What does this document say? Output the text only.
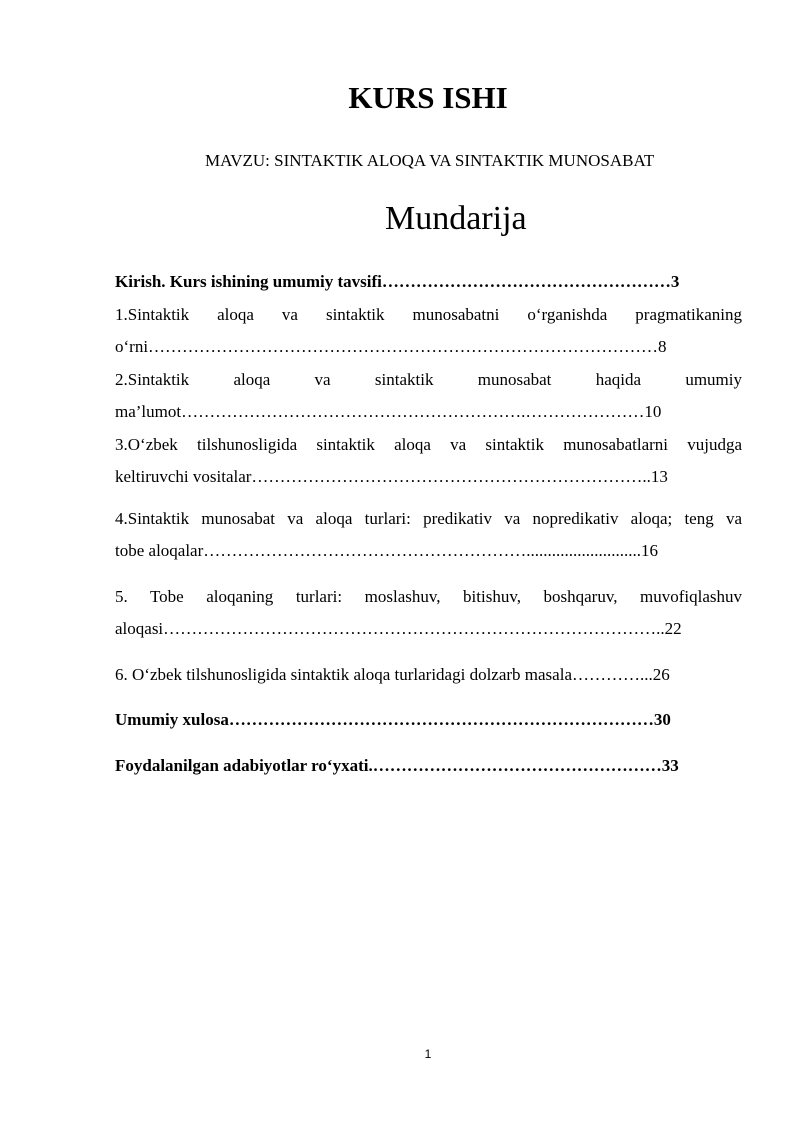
KURS ISHI
MAVZU: SINTAKTIK ALOQA VA SINTAKTIK MUNOSABAT
Mundarija
Kirish. Kurs ishining umumiy tavsifi……………………………………………3
1.Sintaktik aloqa va sintaktik munosabatni o‘rganishda pragmatikaning
o‘rni………………………………………………………………………………8
2.Sintaktik aloqa va sintaktik munosabat haqida umumiy
ma’lumot…………………………………………………….…………………10
3.O‘zbek tilshunosligida sintaktik aloqa va sintaktik munosabatlarni vujudga
keltiruvchi vositalar……………………………………………………………..13
4.Sintaktik munosabat va aloqa turlari: predikativ va nopredikativ aloqa; teng va
tobe aloqalar…………………………………………………...........................16
5. Tobe aloqaning turlari: moslashuv, bitishuv, boshqaruv, muvofiqlashuv
aloqasi……………………………………………………………………………..22
6. O‘zbek tilshunosligida sintaktik aloqa turlaridagi dolzarb masala…………...26
Umumiy xulosa…………………………………………………………………30
Foydalanilgan adabiyotlar ro‘yxati.……………………………………………33
1
